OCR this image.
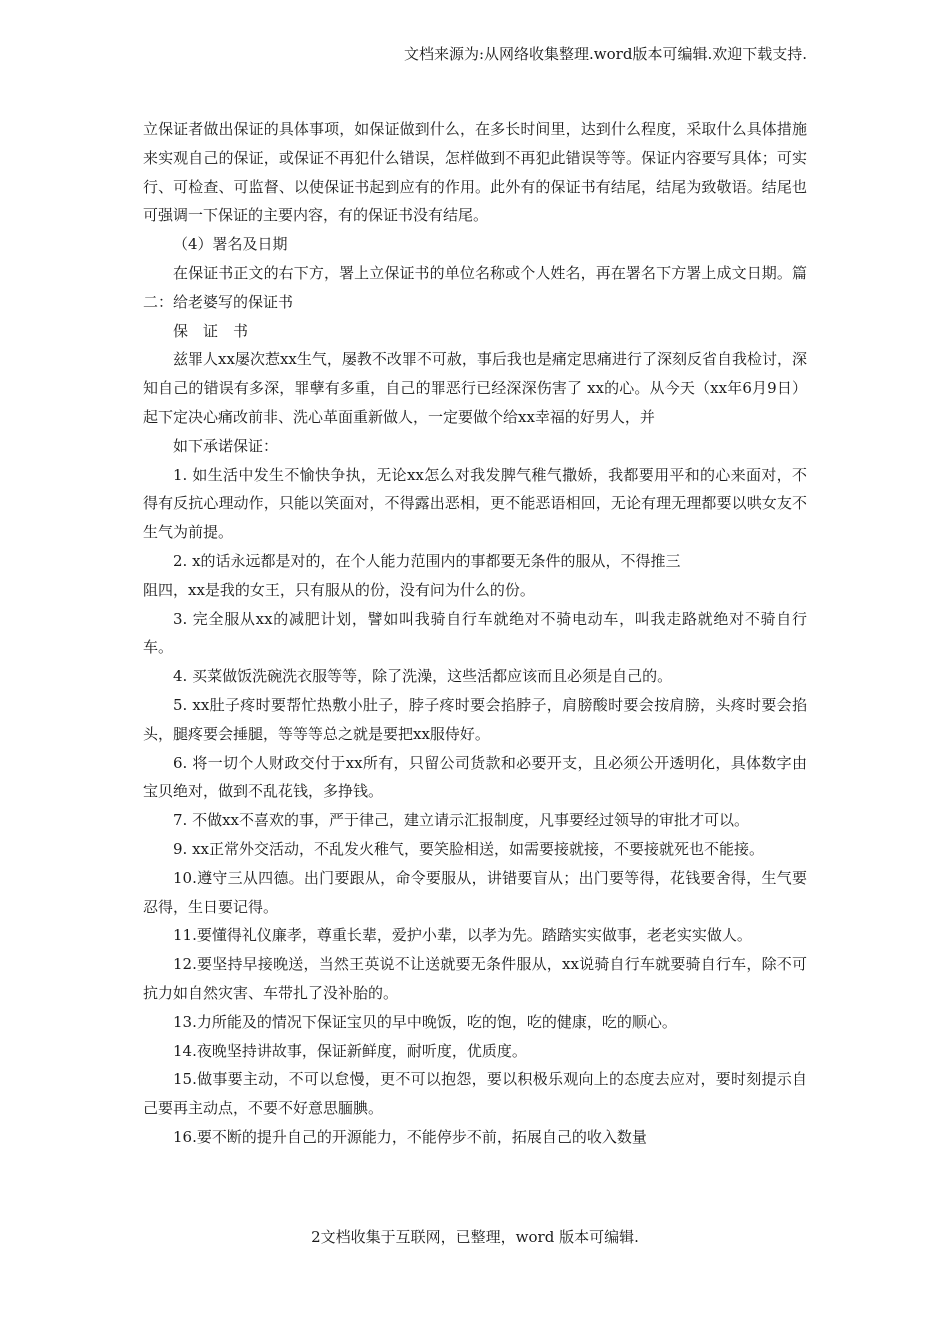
文档来源为:从网络收集整理.word版本可编辑.欢迎下载支持.

立保证者做出保证的具体事项，如保证做到什么，在多长时间里，达到什么程度，采取什么具体措施来实观自己的保证，或保证不再犯什么错误，怎样做到不再犯此错误等等。保证内容要写具体；可实行、可检查、可监督、以使保证书起到应有的作用。此外有的保证书有结尾，结尾为致敬语。结尾也可强调一下保证的主要内容，有的保证书没有结尾。

（4）署名及日期

在保证书正文的右下方，署上立保证书的单位名称或个人姓名，再在署名下方署上成文日期。篇二：给老婆写的保证书

保　证　书

兹罪人xx屡次惹xx生气，屡教不改罪不可赦，事后我也是痛定思痛进行了深刻反省自我检讨，深知自己的错误有多深，罪孽有多重，自己的罪恶行已经深深伤害了 xx的心。从今天（xx年6月9日）起下定决心痛改前非、洗心革面重新做人，一定要做个给xx幸福的好男人，并

如下承诺保证：

1. 如生活中发生不愉快争执，无论xx怎么对我发脾气稚气撒娇，我都要用平和的心来面对，不得有反抗心理动作，只能以笑面对，不得露出恶相，更不能恶语相回，无论有理无理都要以哄女友不生气为前提。

2. x的话永远都是对的，在个人能力范围内的事都要无条件的服从，不得推三

阻四，xx是我的女王，只有服从的份，没有问为什么的份。

3. 完全服从xx的减肥计划，譬如叫我骑自行车就绝对不骑电动车，叫我走路就绝对不骑自行车。

4. 买菜做饭洗碗洗衣服等等，除了洗澡，这些活都应该而且必须是自己的。

5. xx肚子疼时要帮忙热敷小肚子，脖子疼时要会掐脖子，肩膀酸时要会按肩膀，头疼时要会掐头，腿疼要会捶腿，等等等总之就是要把xx服侍好。

6. 将一切个人财政交付于xx所有，只留公司货款和必要开支，且必须公开透明化，具体数字由宝贝绝对，做到不乱花钱，多挣钱。

7. 不做xx不喜欢的事，严于律己，建立请示汇报制度，凡事要经过领导的审批才可以。

9. xx正常外交活动，不乱发火稚气，要笑脸相送，如需要接就接，不要接就死也不能接。

10.遵守三从四德。出门要跟从，命令要服从，讲错要盲从；出门要等得，花钱要舍得，生气要忍得，生日要记得。

11.要懂得礼仪廉孝，尊重长辈，爱护小辈，以孝为先。踏踏实实做事，老老实实做人。

12.要坚持早接晚送，当然王英说不让送就要无条件服从，xx说骑自行车就要骑自行车，除不可抗力如自然灾害、车带扎了没补胎的。

13.力所能及的情况下保证宝贝的早中晚饭，吃的饱，吃的健康，吃的顺心。

14.夜晚坚持讲故事，保证新鲜度，耐听度，优质度。

15.做事要主动，不可以怠慢，更不可以抱怨，要以积极乐观向上的态度去应对，要时刻提示自己要再主动点，不要不好意思腼腆。

16.要不断的提升自己的开源能力，不能停步不前，拓展自己的收入数量

2文档收集于互联网，已整理，word 版本可编辑.
